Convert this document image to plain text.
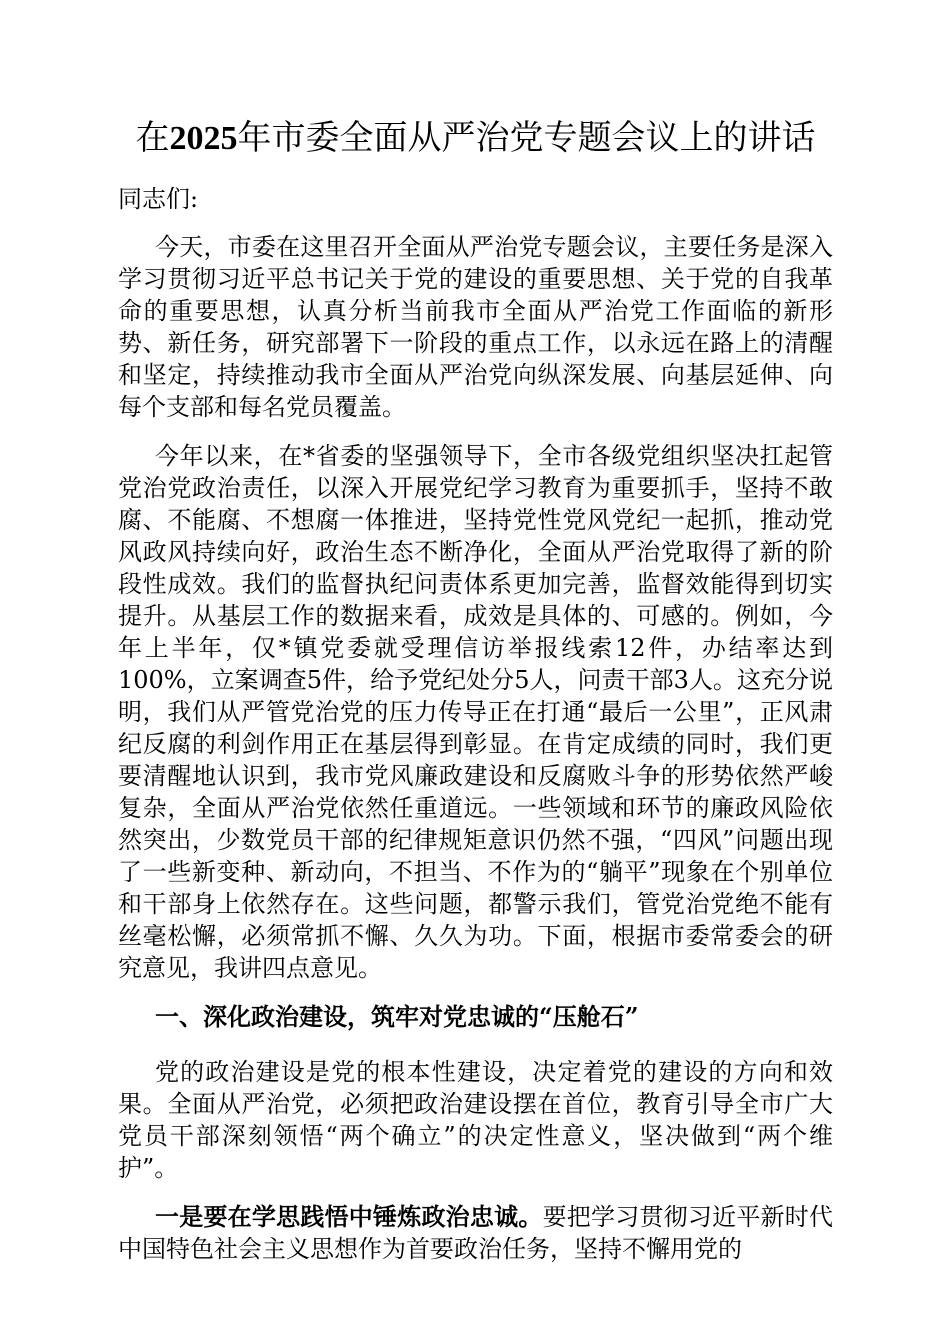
在2025年市委全面从严治党专题会议上的讲话

同志们:

今天，市委在这里召开全面从严治党专题会议，主要任务是深入学习贯彻习近平总书记关于党的建设的重要思想、关于党的自我革命的重要思想，认真分析当前我市全面从严治党工作面临的新形势、新任务，研究部署下一阶段的重点工作，以永远在路上的清醒和坚定，持续推动我市全面从严治党向纵深发展、向基层延伸、向每个支部和每名党员覆盖。

今年以来，在*省委的坚强领导下，全市各级党组织坚决扛起管党治党政治责任，以深入开展党纪学习教育为重要抓手，坚持不敢腐、不能腐、不想腐一体推进，坚持党性党风党纪一起抓，推动党风政风持续向好，政治生态不断净化，全面从严治党取得了新的阶段性成效。我们的监督执纪问责体系更加完善，监督效能得到切实提升。从基层工作的数据来看，成效是具体的、可感的。例如，今年上半年，仅*镇党委就受理信访举报线索12件，办结率达到100%，立案调查5件，给予党纪处分5人，问责干部3人。这充分说明，我们从严管党治党的压力传导正在打通“最后一公里”，正风肃纪反腐的利剑作用正在基层得到彰显。在肯定成绩的同时，我们更要清醒地认识到，我市党风廉政建设和反腐败斗争的形势依然严峻复杂，全面从严治党依然任重道远。一些领域和环节的廉政风险依然突出，少数党员干部的纪律规矩意识仍然不强，“四风”问题出现了一些新变种、新动向，不担当、不作为的“躺平”现象在个别单位和干部身上依然存在。这些问题，都警示我们，管党治党绝不能有丝毫松懈，必须常抓不懈、久久为功。下面，根据市委常委会的研究意见，我讲四点意见。

一、深化政治建设，筑牢对党忠诚的“压舱石”

党的政治建设是党的根本性建设，决定着党的建设的方向和效果。全面从严治党，必须把政治建设摆在首位，教育引导全市广大党员干部深刻领悟“两个确立”的决定性意义，坚决做到“两个维护”。

一是要在学思践悟中锤炼政治忠诚。要把学习贯彻习近平新时代中国特色社会主义思想作为首要政治任务，坚持不懈用党的
